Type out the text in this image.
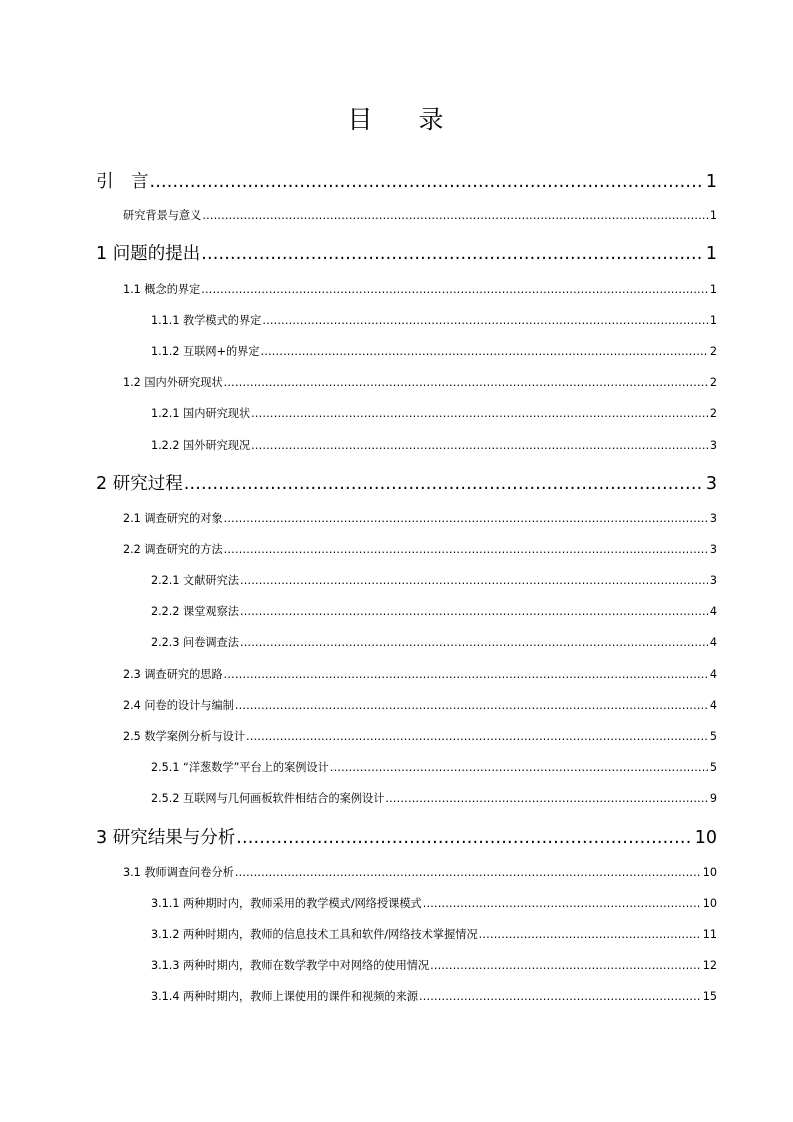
目 录
引　言 .....	1
研究背景与意义 .....	1
1 问题的提出 .....	1
1.1 概念的界定 .....	1
1.1.1 教学模式的界定 .....	1
1.1.2 互联网+的界定 .....	2
1.2 国内外研究现状 .....	2
1.2.1 国内研究现状 .....	2
1.2.2 国外研究现况 .....	3
2 研究过程 .....	3
2.1 调查研究的对象 .....	3
2.2 调查研究的方法 .....	3
2.2.1 文献研究法 .....	3
2.2.2 课堂观察法 .....	4
2.2.3 问卷调查法 .....	4
2.3 调查研究的思路 .....	4
2.4 问卷的设计与编制 .....	4
2.5 数学案例分析与设计 .....	5
2.5.1 “洋葱数学”平台上的案例设计 .....	5
2.5.2 互联网与几何画板软件相结合的案例设计 .....	9
3 研究结果与分析 .....	10
3.1 教师调查问卷分析 .....	10
3.1.1 两种期时内，教师采用的教学模式/网络授课模式 .....	10
3.1.2 两种时期内，教师的信息技术工具和软件/网络技术掌握情况 .....	11
3.1.3 两种时期内，教师在数学教学中对网络的使用情况 .....	12
3.1.4 两种时期内，教师上课使用的课件和视频的来源 .....	15
